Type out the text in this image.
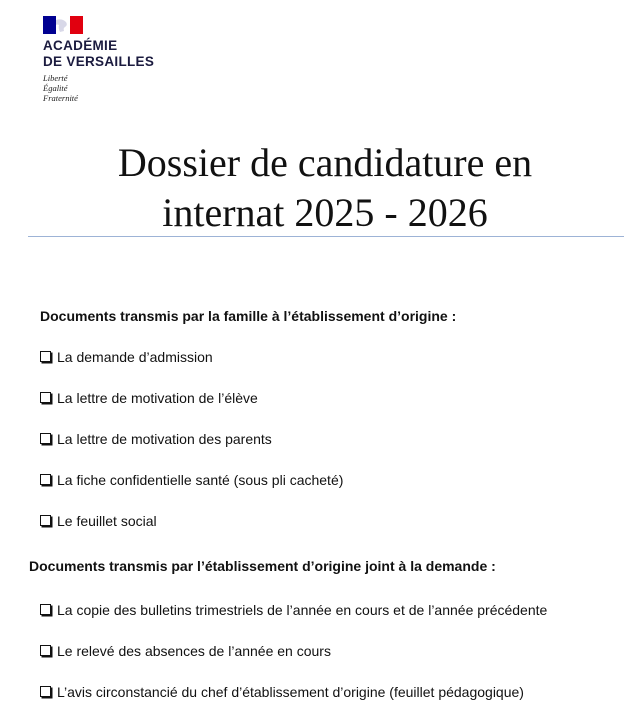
ACADÉMIE
DE VERSAILLES
Liberté
Égalité
Fraternité
Dossier de candidature en
internat 2025 - 2026

Documents transmis par la famille à l’établissement d’origine :

La demande d’admission
La lettre de motivation de l’élève
La lettre de motivation des parents
La fiche confidentielle santé (sous pli cacheté)
Le feuillet social

Documents transmis par l’établissement d’origine joint à la demande :

La copie des bulletins trimestriels de l’année en cours et de l’année précédente
Le relevé des absences de l’année en cours
L’avis circonstancié du chef d’établissement d’origine (feuillet pédagogique)
